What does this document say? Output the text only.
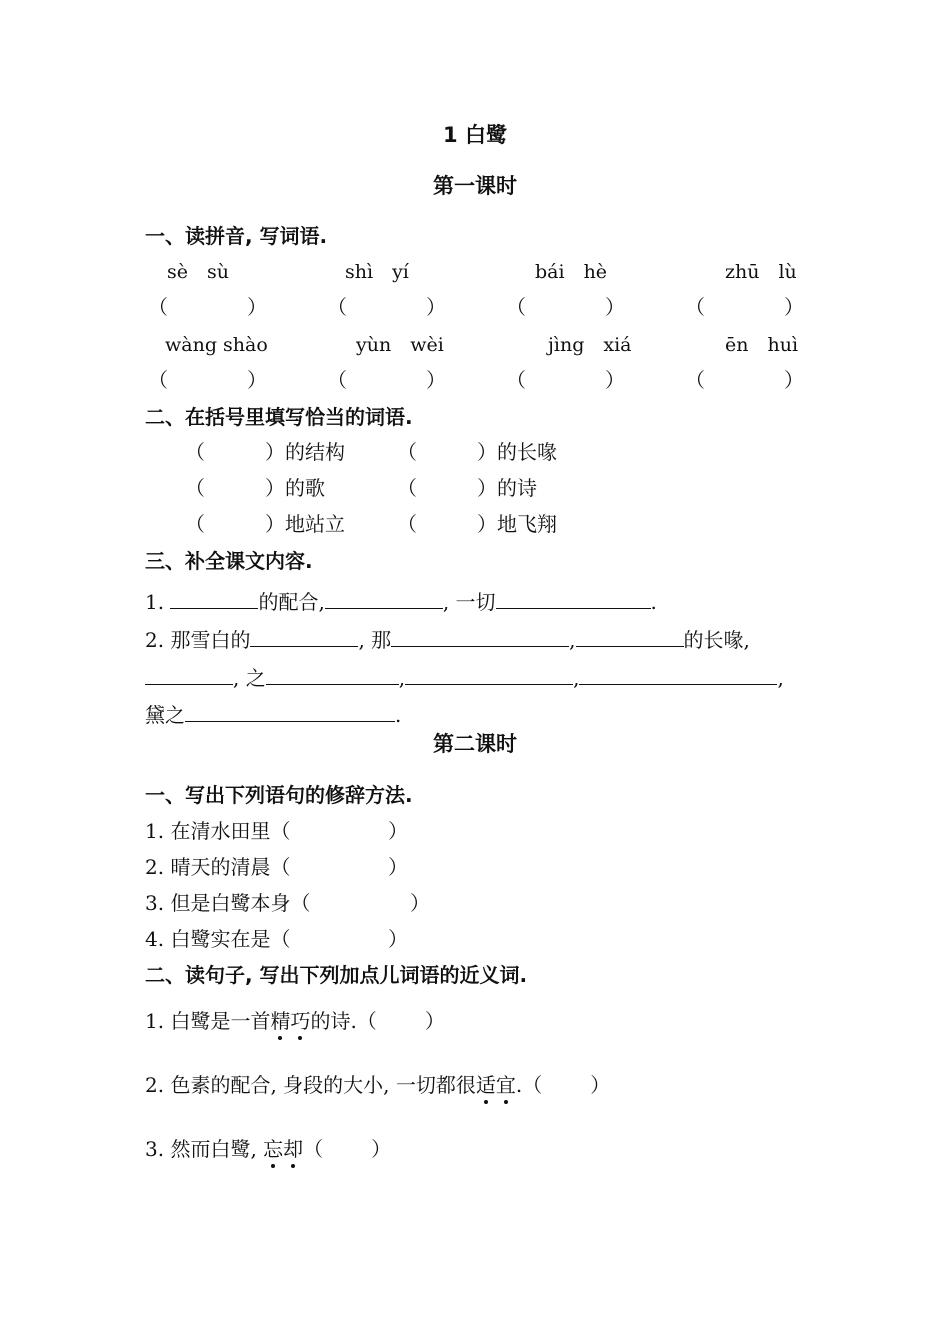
1 白鹭
第一课时
一、读拼音, 写词语.
sè　sù	shì　yí	bái　hè	zhū　lù
（	）	（	）	（	）	（	）
wàng shào	yùn　wèi	jìng　xiá	ēn　huì
（	）	（	）	（	）	（	）
二、在括号里填写恰当的词语.
（	）的结构	（	）的长喙
（	）的歌	（	）的诗
（	）地站立	（	）地飞翔
三、补全课文内容.
1.	的配合,	, 一切	.
2. 那雪白的	, 那	,	的长喙,
, 之	,	,	,
黛之	.
第二课时
一、写出下列语句的修辞方法.
1. 在清水田里（	）
2. 晴天的清晨（	）
3. 但是白鹭本身（	）
4. 白鹭实在是（	）
二、读句子, 写出下列加点儿词语的近义词.
1. 白鹭是一首精巧的诗.（ ）
2. 色素的配合, 身段的大小, 一切都很适宜.（ ）
3. 然而白鹭, 忘却（ ）
